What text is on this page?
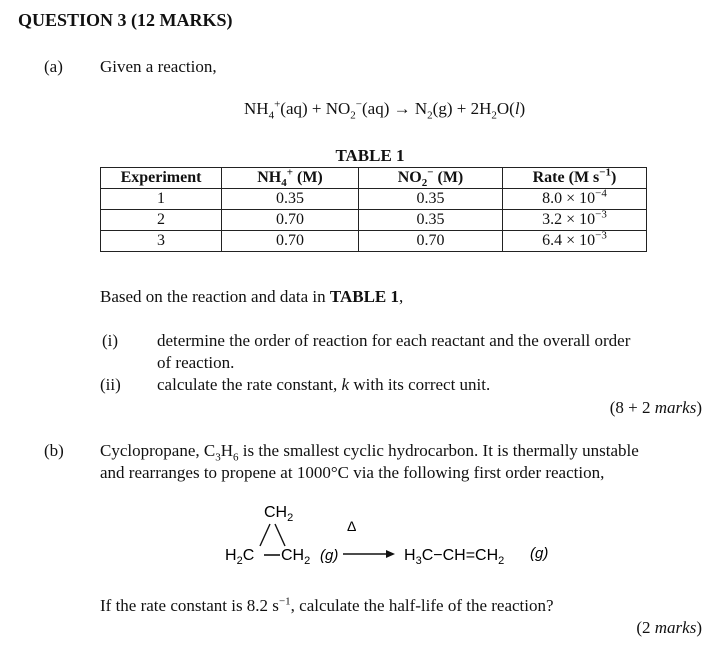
QUESTION 3 (12 MARKS)
(a) Given a reaction,
$NH_4^+(aq) + NO_2^-(aq) \to N_2(g) + 2H_2O(l)$
TABLE 1
Experiment	$NH_4^+$ (M)	$NO_2^-$ (M)	Rate (M $s^{-1}$)
1	0.35	0.35	$8.0 \times 10^{-4}$
2	0.70	0.35	$3.2 \times 10^{-3}$
3	0.70	0.70	$6.4 \times 10^{-3}$
Based on the reaction and data in TABLE 1,
(i) determine the order of reaction for each reactant and the overall order
of reaction.
(ii) calculate the rate constant, k with its correct unit.
(8 + 2 marks)
(b) Cyclopropane, $C_3H_6$ is the smallest cyclic hydrocarbon. It is thermally unstable
and rearranges to propene at 1000°C via the following first order reaction,
$CH_2$
$H_2C$ $CH_2$ (g)
Δ
$H_3C-CH=CH_2$ (g)
If the rate constant is 8.2 $s^{-1}$, calculate the half-life of the reaction?
(2 marks)
